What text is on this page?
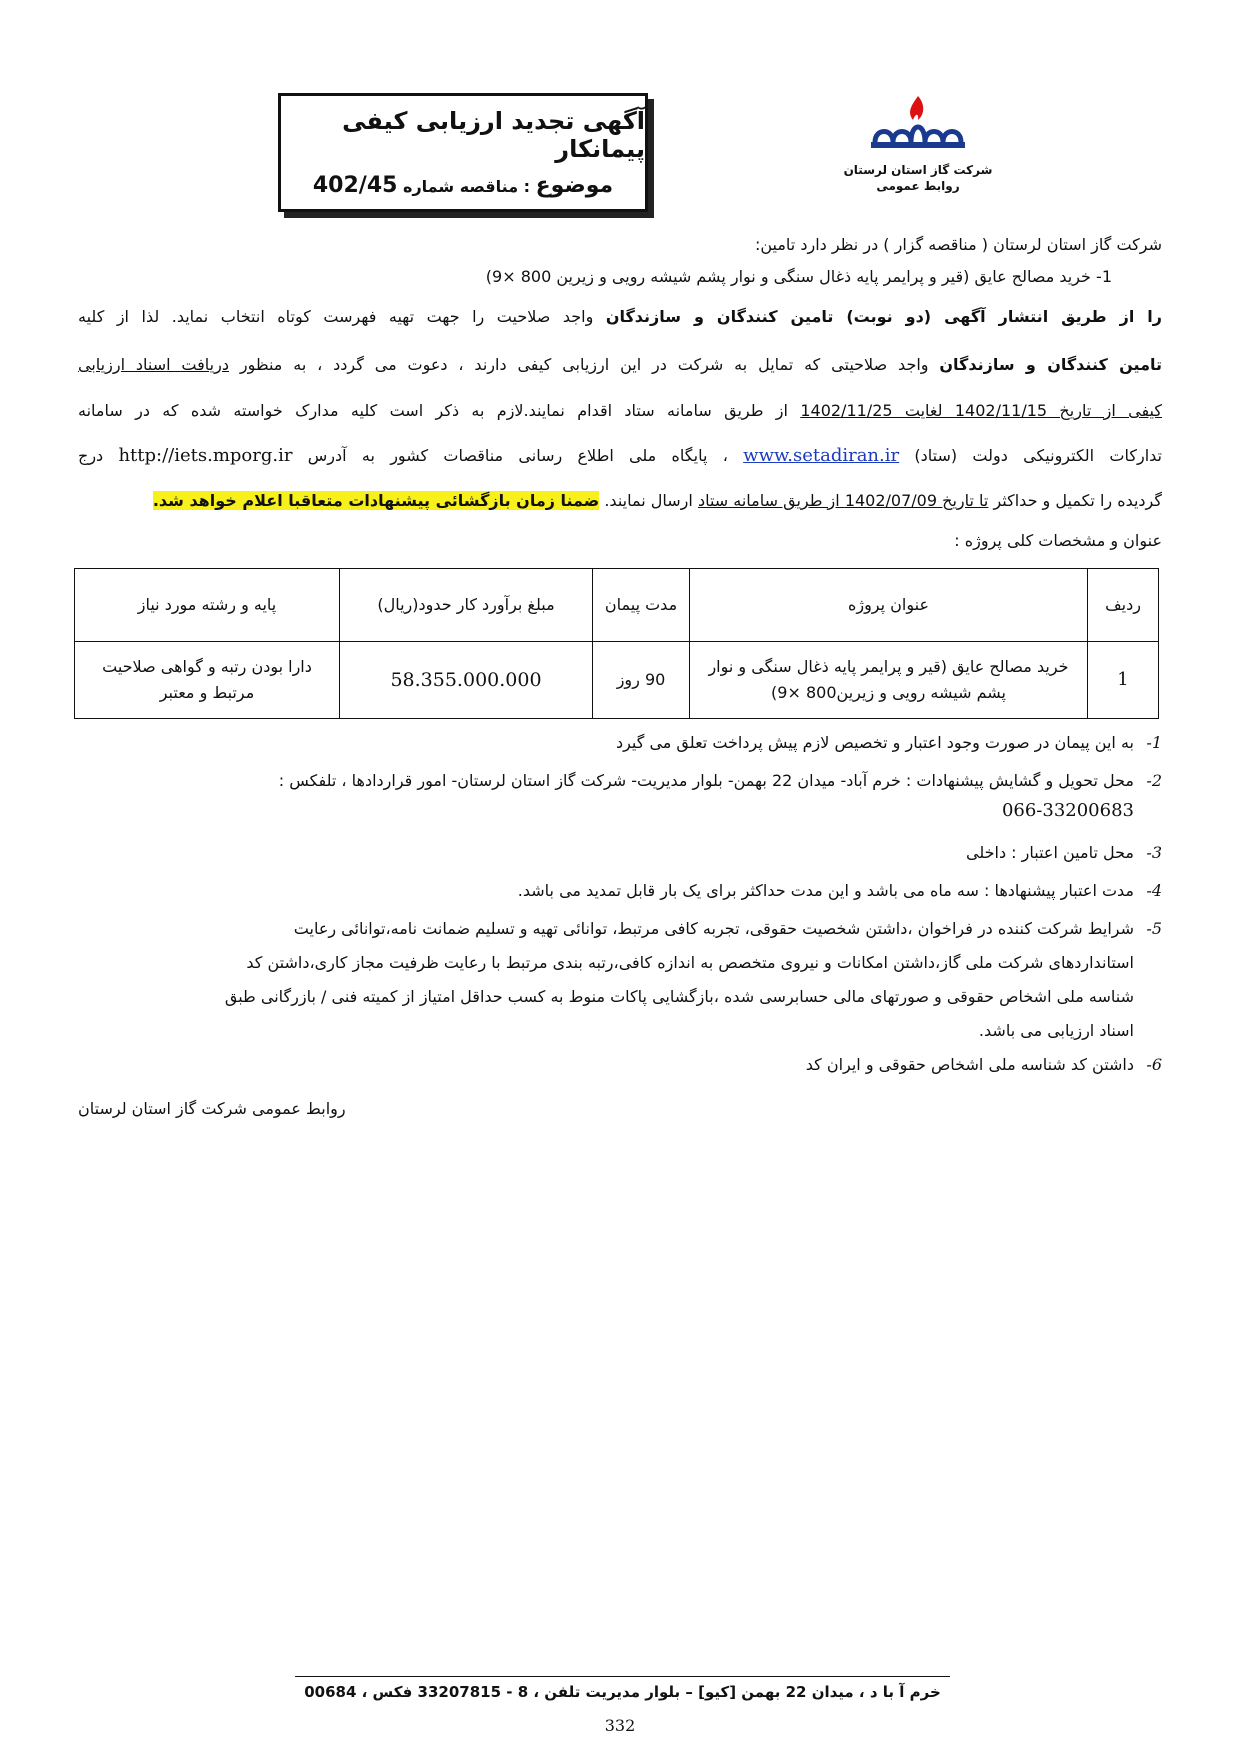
آگهی تجدید ارزیابی کیفی پیمانکار
موضوع : مناقصه شماره 402/45
شرکت گاز استان لرستان
روابط عمومی
شرکت گاز استان لرستان ( مناقصه گزار ) در نظر دارد تامین:
1- خرید مصالح عایق (قیر و پرایمر پایه ذغال سنگی و نوار پشم شیشه رویی و زیرین 800 ×9)
را از طریق انتشار آگهی (دو نوبت) تامین کنندگان و سازندگان واجد صلاحیت را جهت تهیه فهرست کوتاه انتخاب نماید. لذا از کلیه
تامین کنندگان و سازندگان واجد صلاحیتی که تمایل به شرکت در این ارزیابی کیفی دارند ، دعوت می گردد ، به منظور دریافت اسناد ارزیابی
کیفی از تاریخ 1402/11/15 لغایت 1402/11/25 از طریق سامانه ستاد اقدام نمایند.لازم به ذکر است کلیه مدارک خواسته شده که در سامانه
تدارکات الکترونیکی دولت (ستاد) www.setadiran.ir ، پایگاه ملی اطلاع رسانی مناقصات کشور به آدرس http://iets.mporg.ir درج
گردیده را تکمیل و حداکثر تا تاریخ 1402/07/09 از طریق سامانه ستاد ارسال نمایند. ضمنا زمان بازگشائی پیشنهادات متعاقبا اعلام خواهد شد.
عنوان و مشخصات کلی پروژه :
ردیف	عنوان پروژه	مدت پیمان	مبلغ برآورد کار حدود(ریال)	پایه و رشته مورد نیاز
1	خرید مصالح عایق (قیر و پرایمر پایه ذغال سنگی و نوار پشم شیشه رویی و زیرین800 ×9)	90 روز	58.355.000.000	دارا بودن رتبه و گواهی صلاحیت مرتبط و معتبر
1-به این پیمان در صورت وجود اعتبار و تخصیص لازم پیش پرداخت تعلق می گیرد
2-محل تحویل و گشایش پیشنهادات : خرم آباد- میدان 22 بهمن- بلوار مدیریت- شرکت گاز استان لرستان- امور قراردادها ، تلفکس :
066-33200683
3-محل تامین اعتبار : داخلی
4-مدت اعتبار پیشنهادها : سه ماه می باشد و این مدت حداکثر برای یک بار قابل تمدید می باشد.
5-شرایط شرکت کننده در فراخوان ،داشتن شخصیت حقوقی، تجربه کافی مرتبط، توانائی تهیه و تسلیم ضمانت نامه،توانائی رعایت
استانداردهای شرکت ملی گاز،داشتن امکانات و نیروی متخصص به اندازه کافی،رتبه بندی مرتبط با رعایت ظرفیت مجاز کاری،داشتن کد
شناسه ملی اشخاص حقوقی و صورتهای مالی حسابرسی شده ،بازگشایی پاکات منوط به کسب حداقل امتیاز از کمیته فنی / بازرگانی طبق
اسناد ارزیابی می باشد.
6-داشتن کد شناسه ملی اشخاص حقوقی و ایران کد
روابط عمومی شرکت گاز استان لرستان
خرم آ با د ، میدان 22 بهمن [کیو] – بلوار مدیریت تلفن ، 8 - 33207815 فکس ، 00684
332
